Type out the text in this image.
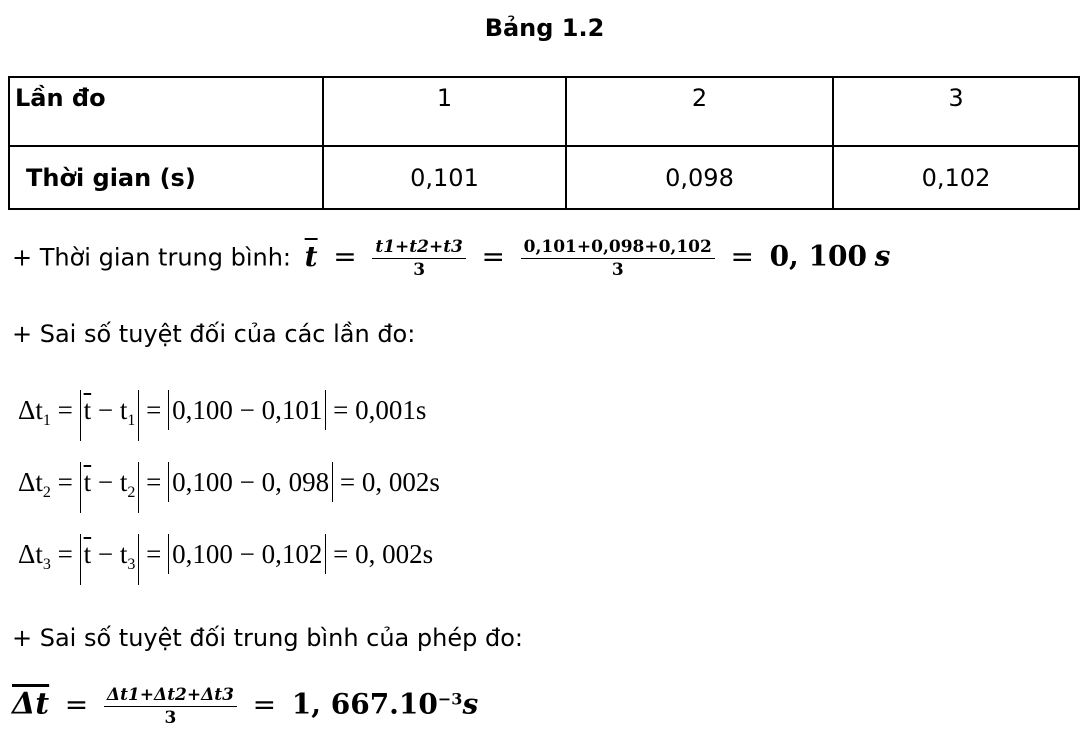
Bảng 1.2
Lần đo	1	2	3
Thời gian (s)	0,101	0,098	0,102
+ Thời gian trung bình: $\overline{t} = \frac{t1+t2+t3}{3} = \frac{0,101+0,098+0,102}{3} = 0$, 100 s
+ Sai số tuyệt đối của các lần đo:
$\Delta t_1 = \overline{t} - t_1 = 0,100 - 0,101 = 0,001s$
$\Delta t_2 = \overline{t} - t_2 = 0,100 - 0$, 098 = 0, 002s
$\Delta t_3 = \overline{t} - t_3 = 0,100 - 0,102 = 0$, 002s
+ Sai số tuyệt đối trung bình của phép đo:
$\overline{\Delta t} = \frac{\Delta t1+\Delta t2+\Delta t3}{3} = 1$, $667.10^{-3}s$
